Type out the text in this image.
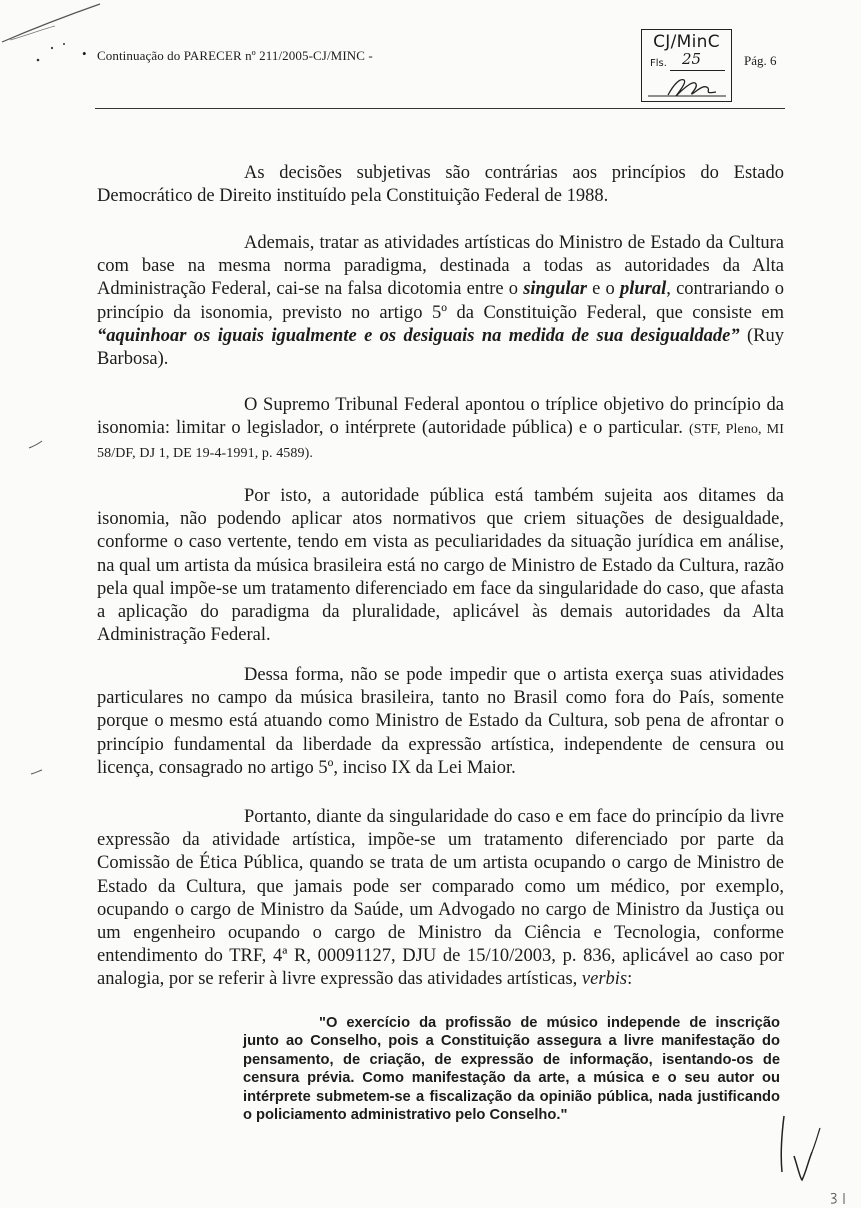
• Continuação do PARECER nº 211/2005-CJ/MINC -
CJ/MinC
Fls. 25	Pág. 6

As decisões subjetivas são contrárias aos princípios do Estado Democrático de Direito instituído pela Constituição Federal de 1988.

Ademais, tratar as atividades artísticas do Ministro de Estado da Cultura com base na mesma norma paradigma, destinada a todas as autoridades da Alta Administração Federal, cai-se na falsa dicotomia entre o singular e o plural, contrariando o princípio da isonomia, previsto no artigo 5º da Constituição Federal, que consiste em “aquinhoar os iguais igualmente e os desiguais na medida de sua desigualdade” (Ruy Barbosa).

O Supremo Tribunal Federal apontou o tríplice objetivo do princípio da isonomia: limitar o legislador, o intérprete (autoridade pública) e o particular. (STF, Pleno, MI 58/DF, DJ 1, DE 19-4-1991, p. 4589).

Por isto, a autoridade pública está também sujeita aos ditames da isonomia, não podendo aplicar atos normativos que criem situações de desigualdade, conforme o caso vertente, tendo em vista as peculiaridades da situação jurídica em análise, na qual um artista da música brasileira está no cargo de Ministro de Estado da Cultura, razão pela qual impõe-se um tratamento diferenciado em face da singularidade do caso, que afasta a aplicação do paradigma da pluralidade, aplicável às demais autoridades da Alta Administração Federal.

Dessa forma, não se pode impedir que o artista exerça suas atividades particulares no campo da música brasileira, tanto no Brasil como fora do País, somente porque o mesmo está atuando como Ministro de Estado da Cultura, sob pena de afrontar o princípio fundamental da liberdade da expressão artística, independente de censura ou licença, consagrado no artigo 5º, inciso IX da Lei Maior.

Portanto, diante da singularidade do caso e em face do princípio da livre expressão da atividade artística, impõe-se um tratamento diferenciado por parte da Comissão de Ética Pública, quando se trata de um artista ocupando o cargo de Ministro de Estado da Cultura, que jamais pode ser comparado como um médico, por exemplo, ocupando o cargo de Ministro da Saúde, um Advogado no cargo de Ministro da Justiça ou um engenheiro ocupando o cargo de Ministro da Ciência e Tecnologia, conforme entendimento do TRF, 4ª R, 00091127, DJU de 15/10/2003, p. 836, aplicável ao caso por analogia, por se referir à livre expressão das atividades artísticas, verbis:

"O exercício da profissão de músico independe de inscrição junto ao Conselho, pois a Constituição assegura a livre manifestação do pensamento, de criação, de expressão de informação, isentando-os de censura prévia. Como manifestação da arte, a música e o seu autor ou intérprete submetem-se a fiscalização da opinião pública, nada justificando o policiamento administrativo pelo Conselho."
